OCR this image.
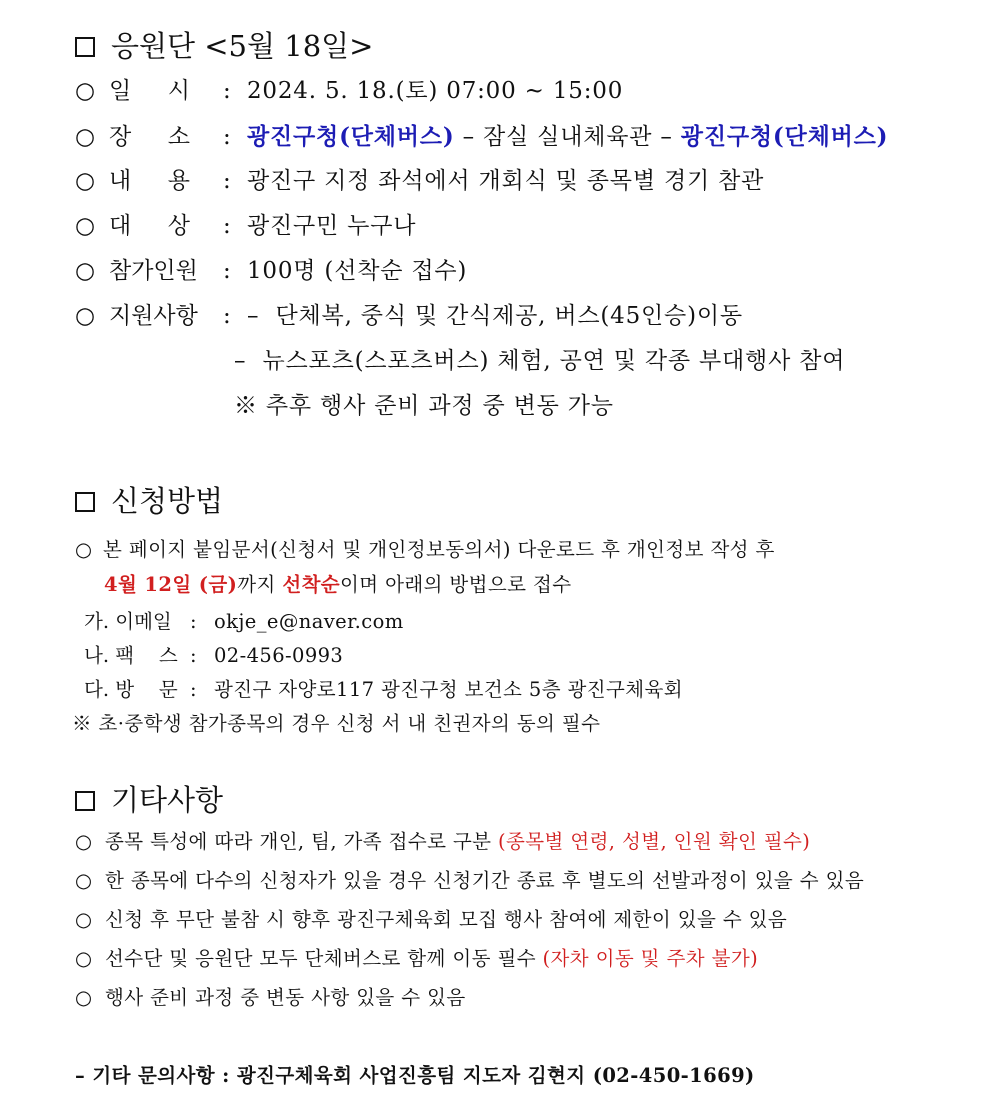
응원단 <5월 18일>
○ 일     시 : 2024. 5. 18.(토) 07:00 ~ 15:00
○ 장     소 : 광진구청(단체버스) – 잠실 실내체육관 – 광진구청(단체버스)
○ 내     용 : 광진구 지정 좌석에서 개회식 및 종목별 경기 참관
○ 대     상 : 광진구민 누구나
○ 참가인원 : 100명 (선착순 접수)
○ 지원사항 : –  단체복, 중식 및 간식제공, 버스(45인승)이동
–  뉴스포츠(스포츠버스) 체험, 공연 및 각종 부대행사 참여
※ 추후 행사 준비 과정 중 변동 가능
신청방법
○ 본 페이지 붙임문서(신청서 및 개인정보동의서) 다운로드 후 개인정보 작성 후
4월 12일 (금)까지 선착순이며 아래의 방법으로 접수
가. 이메일 : okje_e@naver.com
나. 팩    스 : 02-456-0993
다. 방    문 : 광진구 자양로117 광진구청 보건소 5층 광진구체육회
※ 초·중학생 참가종목의 경우 신청 서 내 친권자의 동의 필수
기타사항
○ 종목 특성에 따라 개인, 팀, 가족 접수로 구분 (종목별 연령, 성별, 인원 확인 필수)
○ 한 종목에 다수의 신청자가 있을 경우 신청기간 종료 후 별도의 선발과정이 있을 수 있음
○ 신청 후 무단 불참 시 향후 광진구체육회 모집 행사 참여에 제한이 있을 수 있음
○ 선수단 및 응원단 모두 단체버스로 함께 이동 필수 (자차 이동 및 주차 불가)
○ 행사 준비 과정 중 변동 사항 있을 수 있음
– 기타 문의사항 : 광진구체육회 사업진흥팀 지도자 김현지 (02-450-1669)
